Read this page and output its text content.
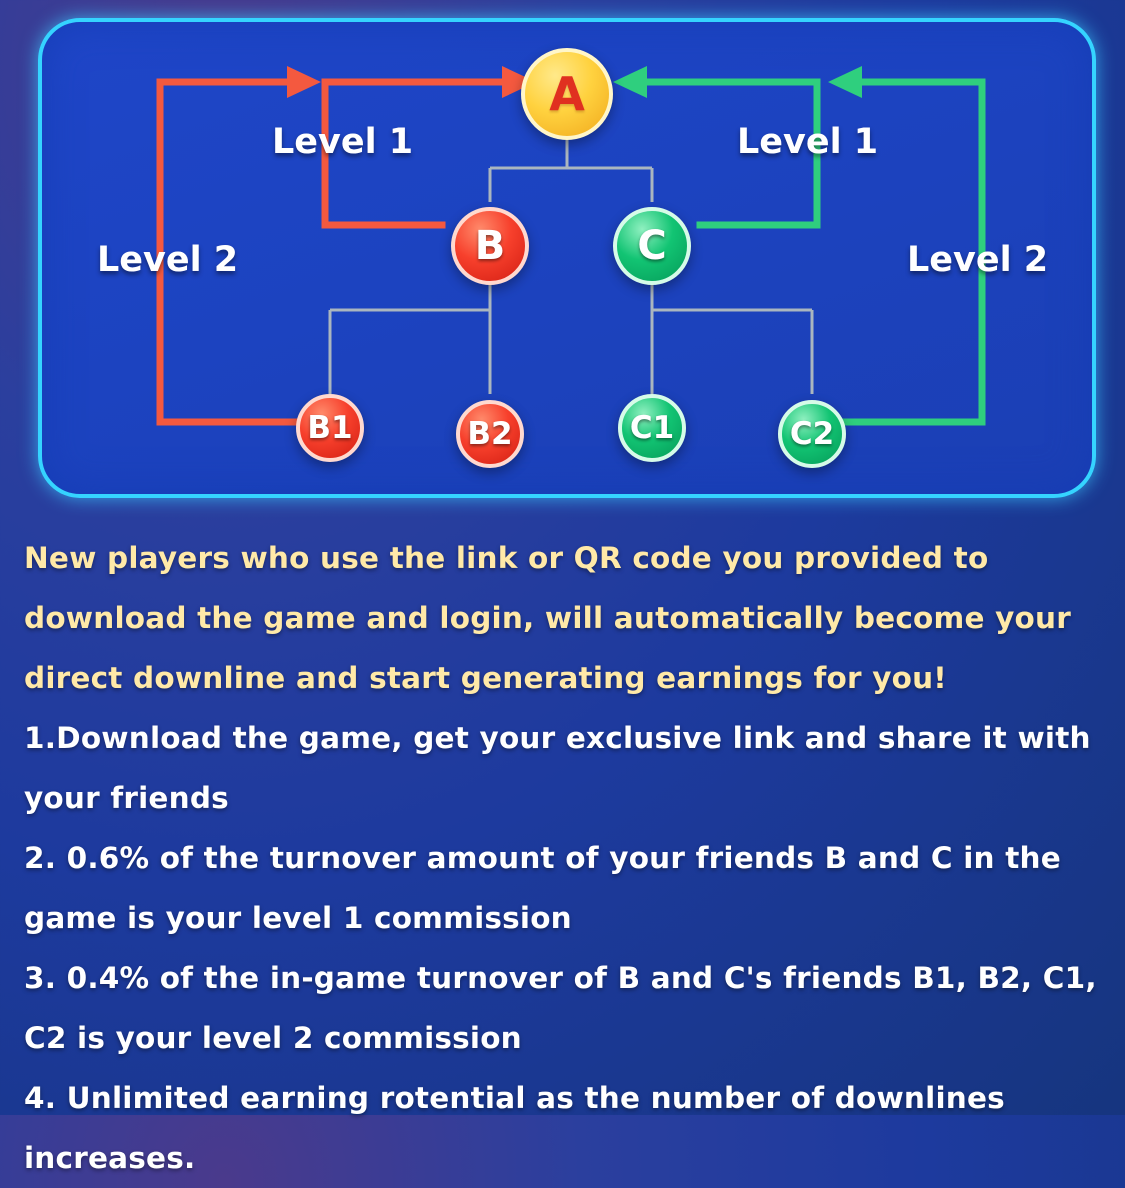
A
B	C
B1	B2	C1	C2
Level 1
Level 2
Level 1
Level 2

New players who use the link or QR code you provided to download the game and login, will automatically become your direct downline and start generating earnings for you!

1.Download the game, get your exclusive link and share it with your friends

2. 0.6% of the turnover amount of your friends B and C in the game is your level 1 commission

3. 0.4% of the in-game turnover of B and C's friends B1, B2, C1, C2 is your level 2 commission

4. Unlimited earning rotential as the number of downlines increases.
